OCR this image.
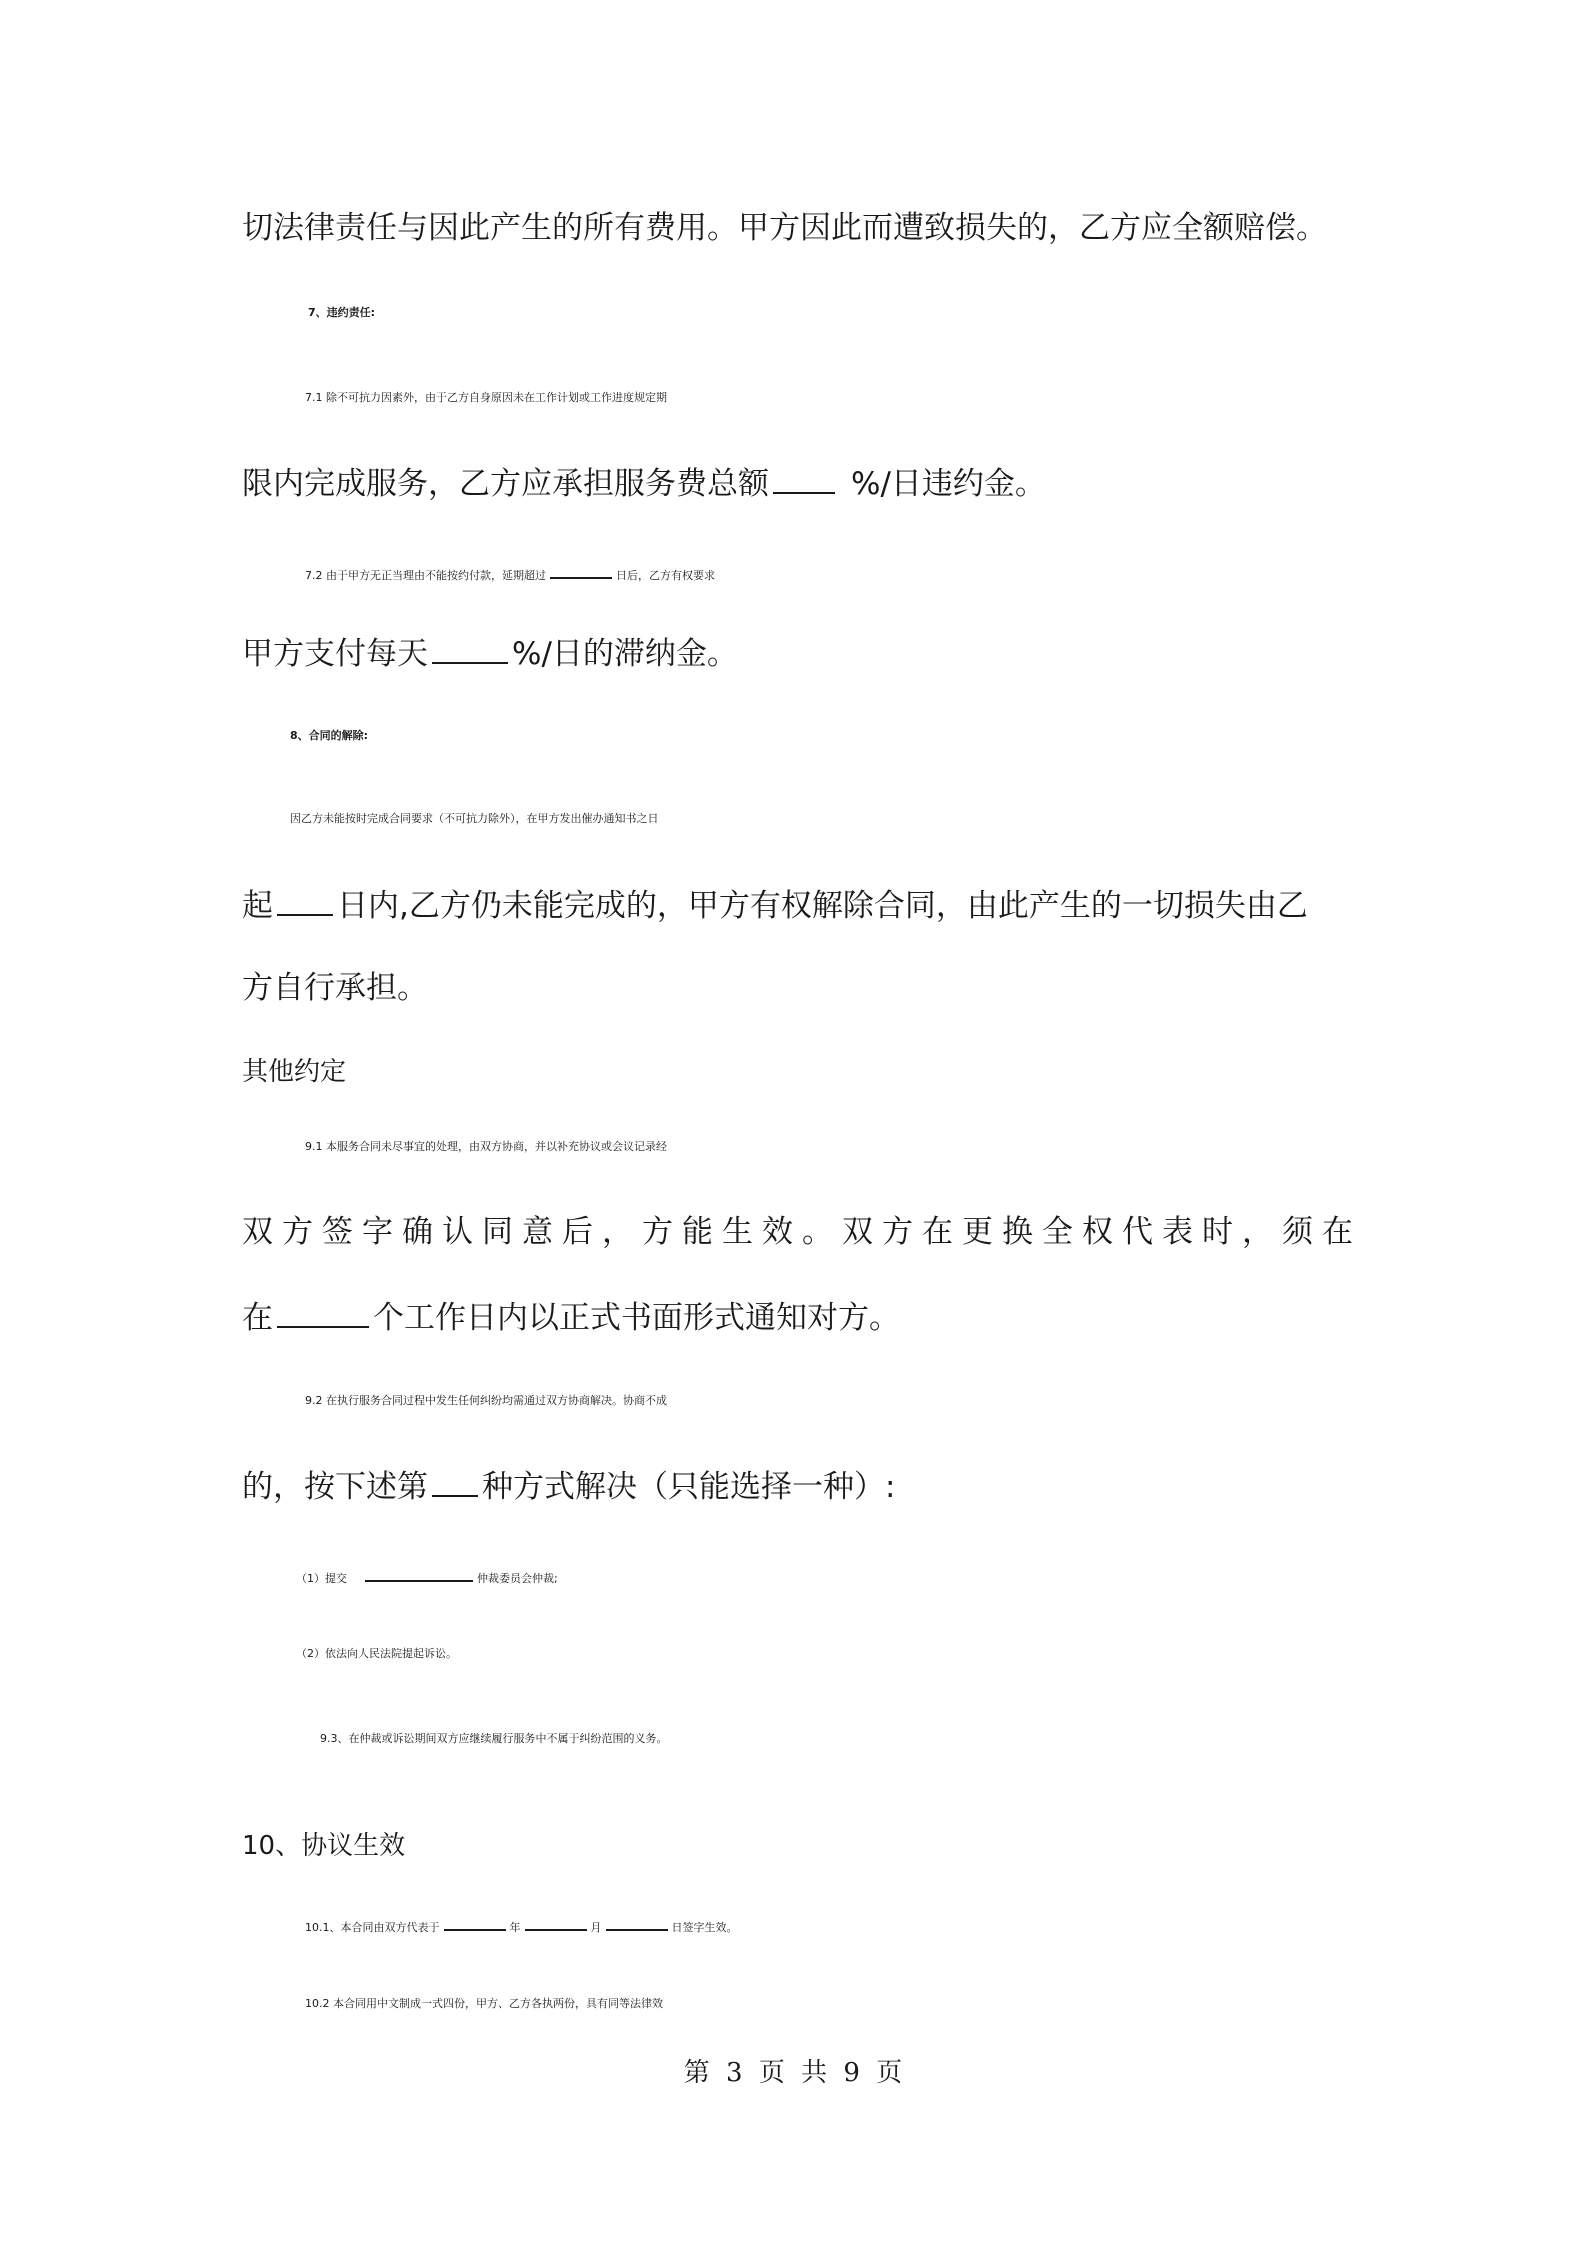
切法律责任与因此产生的所有费用。甲方因此而遭致损失的，乙方应全额赔偿。
7、违约责任:
7.1 除不可抗力因素外，由于乙方自身原因未在工作计划或工作进度规定期
限内完成服务，乙方应承担服务费总额	%/日违约金。
7.2 由于甲方无正当理由不能按约付款，延期超过	日后，乙方有权要求
甲方支付每天	%/日的滞纳金。
8、合同的解除:
因乙方未能按时完成合同要求（不可抗力除外），在甲方发出催办通知书之日
起 日内,乙方仍未能完成的，甲方有权解除合同，由此产生的一切损失由乙
方自行承担。
其他约定
9.1 本服务合同未尽事宜的处理，由双方协商，并以补充协议或会议记录经
双方签字确认同意后，方能生效。双方在更换全权代表时，须在
在	个工作日内以正式书面形式通知对方。
9.2 在执行服务合同过程中发生任何纠纷均需通过双方协商解决。协商不成
的，按下述第 种方式解决（只能选择一种）:
（1）提交	仲裁委员会仲裁;
（2）依法向人民法院提起诉讼。
9.3、在仲裁或诉讼期间双方应继续履行服务中不属于纠纷范围的义务。
10、协议生效
10.1、本合同由双方代表于	年	月	日签字生效。
10.2 本合同用中文制成一式四份，甲方、乙方各执两份，具有同等法律效
第 3 页 共 9 页
